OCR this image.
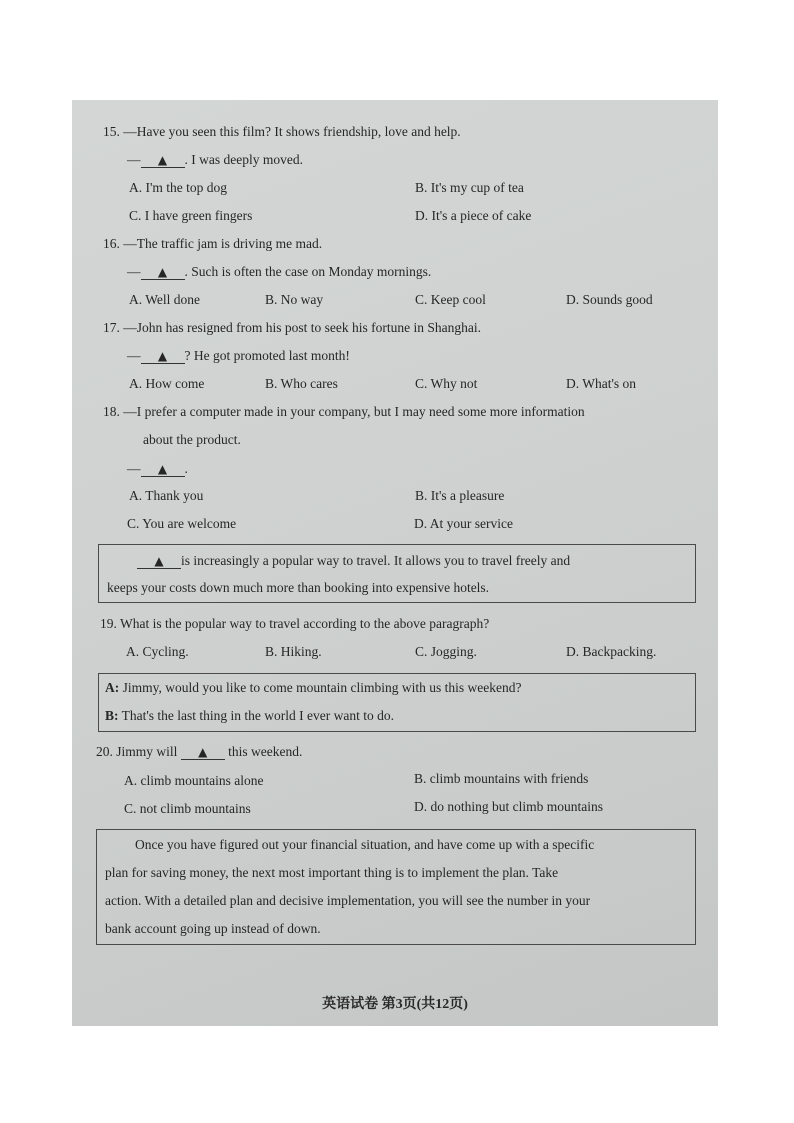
15. —Have you seen this film? It shows friendship, love and help.
— ▲ . I was deeply moved.
A. I'm the top dog	B. It's my cup of tea
C. I have green fingers	D. It's a piece of cake
16. —The traffic jam is driving me mad.
— ▲ . Such is often the case on Monday mornings.
A. Well done	B. No way	C. Keep cool	D. Sounds good
17. —John has resigned from his post to seek his fortune in Shanghai.
— ▲ ? He got promoted last month!
A. How come	B. Who cares	C. Why not	D. What's on
18. —I prefer a computer made in your company, but I may need some more information
about the product.
— ▲ .
A. Thank you	B. It's a pleasure
C. You are welcome	D. At your service
▲ is increasingly a popular way to travel. It allows you to travel freely and
keeps your costs down much more than booking into expensive hotels.
19. What is the popular way to travel according to the above paragraph?
A. Cycling.	B. Hiking.	C. Jogging.	D. Backpacking.
A: Jimmy, would you like to come mountain climbing with us this weekend?
B: That's the last thing in the world I ever want to do.
20. Jimmy will ▲ this weekend.
A. climb mountains alone	B. climb mountains with friends
C. not climb mountains	D. do nothing but climb mountains
Once you have figured out your financial situation, and have come up with a specific
plan for saving money, the next most important thing is to implement the plan. Take
action. With a detailed plan and decisive implementation, you will see the number in your
bank account going up instead of down.
英语试卷 第3页(共12页)
